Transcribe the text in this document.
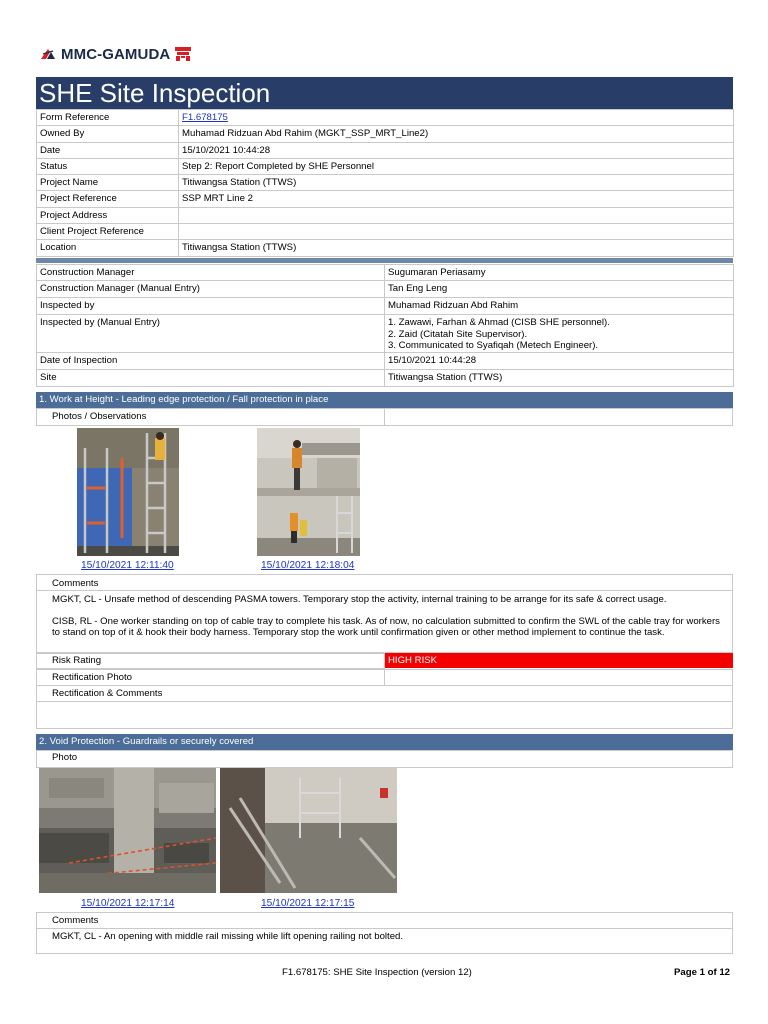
MMC-GAMUDA
SHE Site Inspection
Form Reference	F1.678175
Owned By	Muhamad Ridzuan Abd Rahim (MGKT_SSP_MRT_Line2)
Date	15/10/2021 10:44:28
Status	Step 2: Report Completed by SHE Personnel
Project Name	Titiwangsa Station (TTWS)
Project Reference	SSP MRT Line 2
Project Address	
Client Project Reference	
Location	Titiwangsa Station (TTWS)
Construction Manager	Sugumaran Periasamy

Construction Manager (Manual Entry)	Tan Eng Leng

Inspected by	Muhamad Ridzuan Abd Rahim

Inspected by (Manual Entry)	1. Zawawi, Farhan & Ahmad (CISB SHE personnel).
2. Zaid (Citatah Site Supervisor).
3. Communicated to Syafiqah (Metech Engineer).

Date of Inspection	15/10/2021 10:44:28

Site	Titiwangsa Station (TTWS)
1. Work at Height - Leading edge protection / Fall protection in place
Photos / Observations
15/10/2021 12:11:40	15/10/2021 12:18:04
Comments
MGKT, CL - Unsafe method of descending PASMA towers. Temporary stop the activity, internal training to be arrange for its safe & correct usage.
CISB, RL - One worker standing on top of cable tray to complete his task. As of now, no calculation submitted to confirm the SWL of the cable tray for workers to stand on top of it & hook their body harness. Temporary stop the work until confirmation given or other method implement to continue the task.
Risk Rating	HIGH RISK
Rectification Photo
Rectification & Comments
2. Void Protection - Guardrails or securely covered
Photo
15/10/2021 12:17:14	15/10/2021 12:17:15
Comments
MGKT, CL - An opening with middle rail missing while lift opening railing not bolted.
F1.678175: SHE Site Inspection (version 12)	Page 1 of 12
